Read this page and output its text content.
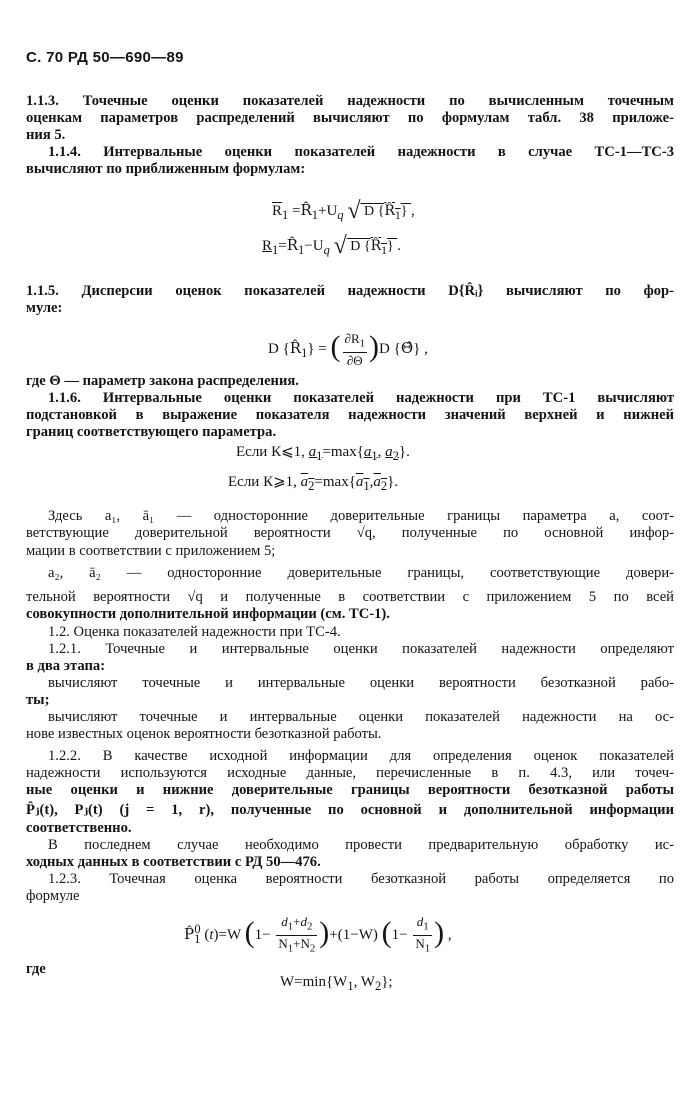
С. 70 РД 50—690—89
1.1.3. Точечные оценки показателей надежности по вычисленным точечным
оценкам параметров распределений вычисляют по формулам табл. 38 приложе-
ния 5.
1.1.4. Интервальные оценки показателей надежности в случае ТС-1—ТС-3
вычисляют по приближенным формулам:
$\overline{R}_1$ $=R̂_1+U_q$ √ D $\{R̂_1\}$ ,
$R_1=R̂_1-U_q$ √ D $\{R̂_1\}$ .
1.1.5. Дисперсии оценок показателей надежности D{R̂ᵢ} вычисляют по фор-
муле:
D $\{R̂_1\}$ = ( $\frac{\partial R_1}{\partial\Theta} )D$ {Θ̂} ,
где Θ — параметр закона распределения.
1.1.6. Интервальные оценки показателей надежности при ТС-1 вычисляют
подстановкой в выражение показателя надежности значений верхней и нижней
границ соответствующего параметра.
Если К⩽1, $a_1=\max\{a_1$, $a_2$}.
Если К⩾1, $a_2=\max\{a_1,a_2\}$.
Здесь a₁, ā₁ — односторонние доверительные границы параметра a, соот-
ветствующие доверительной вероятности √q, полученные по основной инфор-
мации в соответствии с приложением 5;
a₂, ā₂ — односторонние доверительные границы, соответствующие довери-
тельной вероятности √q и полученные в соответствии с приложением 5 по всей
совокупности дополнительной информации (см. ТС-1).
1.2. Оценка показателей надежности при ТС-4.
1.2.1. Точечные и интервальные оценки показателей надежности определяют
в два этапа:
вычисляют точечные и интервальные оценки вероятности безотказной рабо-
ты;
вычисляют точечные и интервальные оценки показателей надежности на ос-
нове известных оценок вероятности безотказной работы.
1.2.2. В качестве исходной информации для определения оценок показателей
надежности используются исходные данные, перечисленные в п. 4.3, или точеч-
ные оценки и нижние доверительные границы вероятности безотказной работы
P̂ⱼ(t), Pⱼ(t) (j = 1, r), полученные по основной и дополнительной информации
соответственно.
В последнем случае необходимо провести предварительную обработку ис-
ходных данных в соответствии с РД 50—476.
1.2.3. Точечная оценка вероятности безотказной работы определяется по
формуле
$P̂_1^0$ (t)=W $(1- \frac{d_1+d_2}{N_1+N_2} )+(1-W)$ ($1- \frac{d_1}{N_1}$ ) ,
где
$W=\min\{W_1$, $W_2$};
